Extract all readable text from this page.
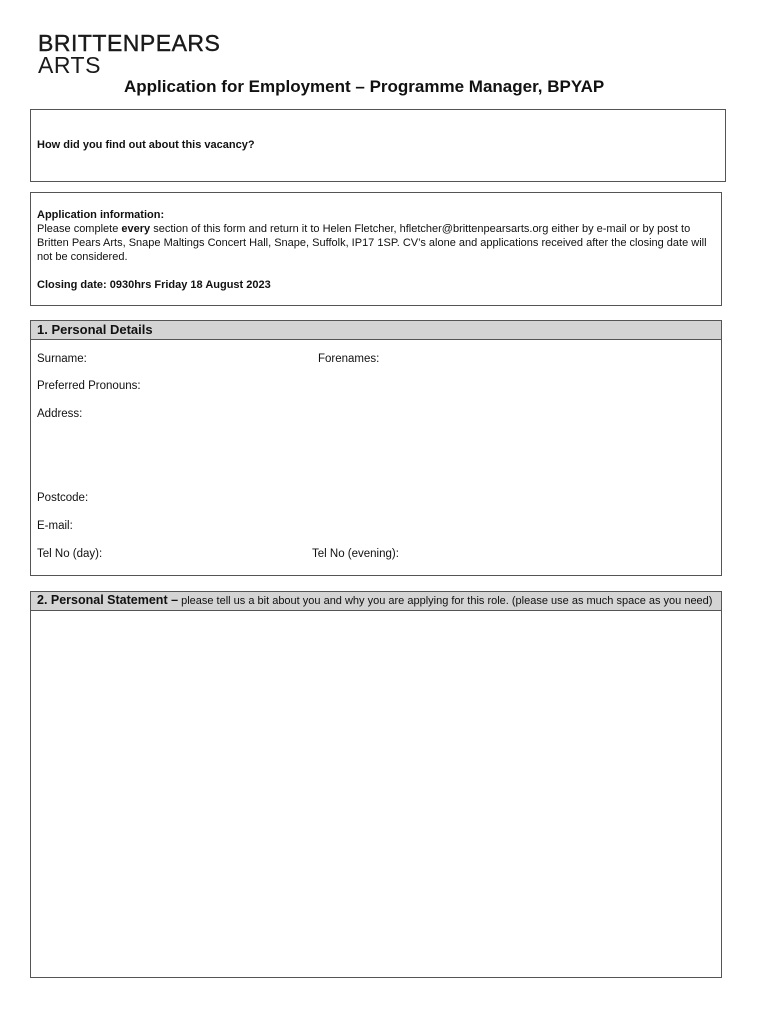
BRITTENPEARS
ARTS
Application for Employment – Programme Manager, BPYAP
How did you find out about this vacancy?
Application information:
Please complete every section of this form and return it to Helen Fletcher, hfletcher@brittenpearsarts.org either by e-mail or by post to Britten Pears Arts, Snape Maltings Concert Hall, Snape, Suffolk, IP17 1SP. CV’s alone and applications received after the closing date will not be considered.
Closing date: 0930hrs Friday 18 August 2023
1. Personal Details
Surname:	Forenames:
Preferred Pronouns:
Address:
Postcode:
E-mail:
Tel No (day):	Tel No (evening):
2. Personal Statement – please tell us a bit about you and why you are applying for this role. (please use as much space as you need)
